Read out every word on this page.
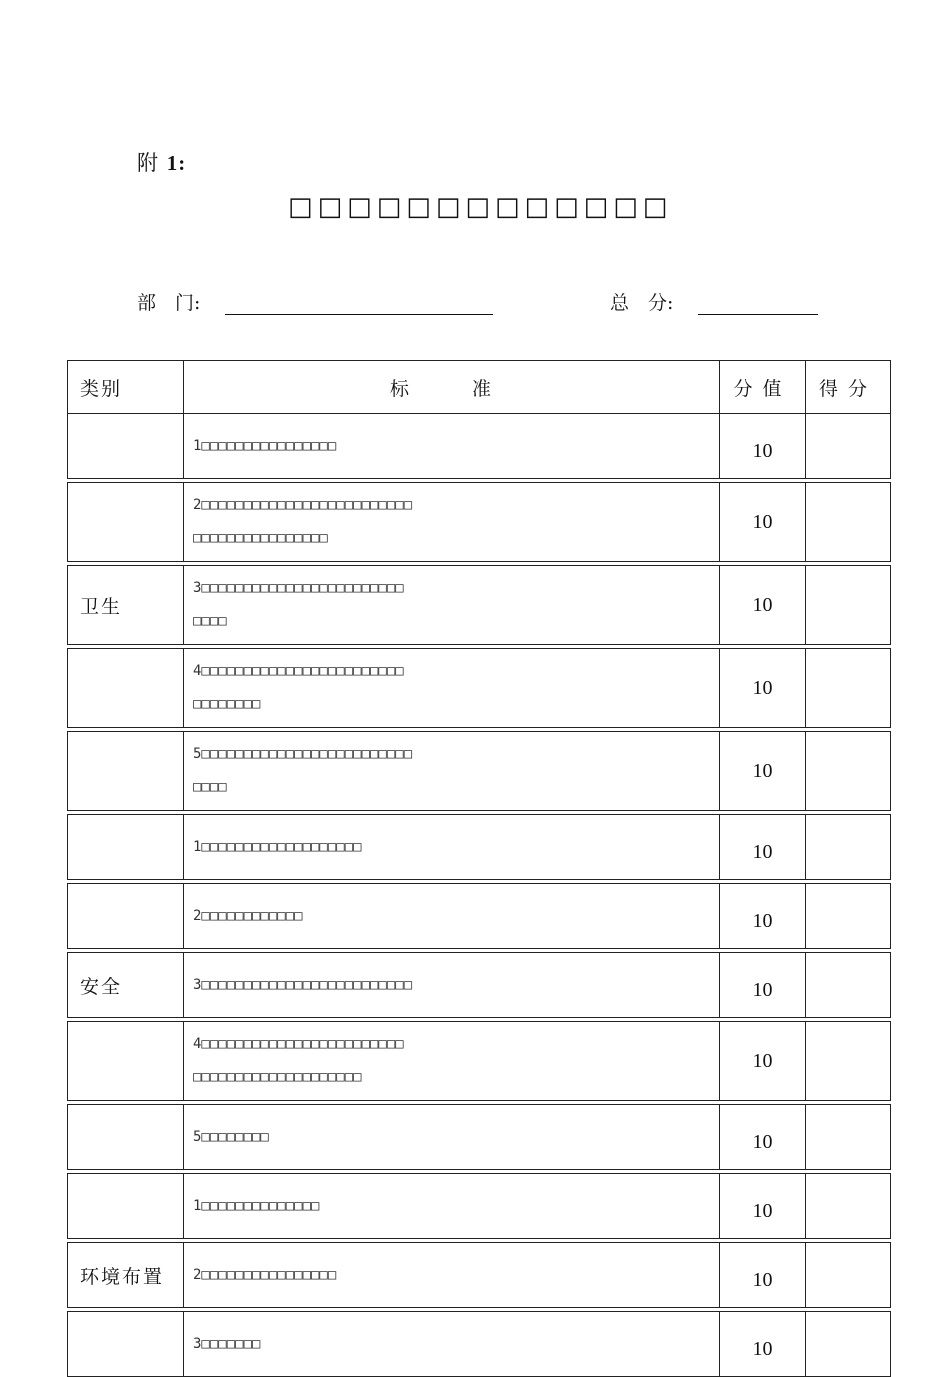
附 1:
□□□□□□□□□□□□□
部　门:	总　分:
类别	标　准	分值	得分

	1□□□□□□□□□□□□□□□□	10	

	2□□□□□□□□□□□□□□□□□□□□□□□□□
□□□□□□□□□□□□□□□□	10	

卫生	3□□□□□□□□□□□□□□□□□□□□□□□□
□□□□	10	

	4□□□□□□□□□□□□□□□□□□□□□□□□
□□□□□□□□	10	

	5□□□□□□□□□□□□□□□□□□□□□□□□□
□□□□	10	

	1□□□□□□□□□□□□□□□□□□□	10	

	2□□□□□□□□□□□□	10	

安全	3□□□□□□□□□□□□□□□□□□□□□□□□□	10	

	4□□□□□□□□□□□□□□□□□□□□□□□□
□□□□□□□□□□□□□□□□□□□□	10	

	5□□□□□□□□	10	

	1□□□□□□□□□□□□□□	10	

环境布置	2□□□□□□□□□□□□□□□□	10	

	3□□□□□□□	10	
